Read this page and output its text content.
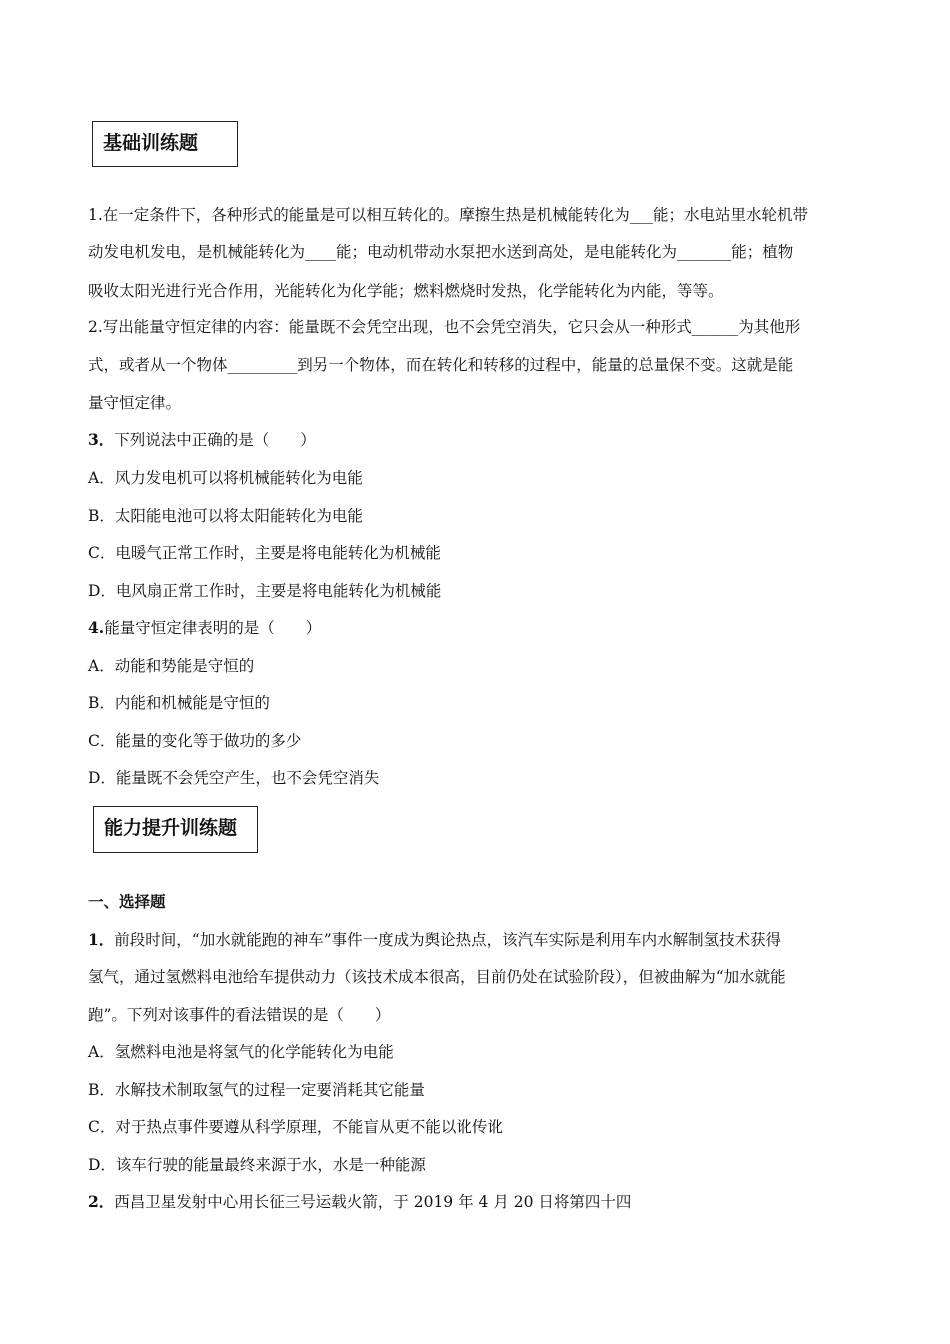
基础训练题
1.在一定条件下，各种形式的能量是可以相互转化的。摩擦生热是机械能转化为___能；水电站里水轮机带
动发电机发电，是机械能转化为____能；电动机带动水泵把水送到高处，是电能转化为_______能；植物
吸收太阳光进行光合作用，光能转化为化学能；燃料燃烧时发热，化学能转化为内能，等等。
2.写出能量守恒定律的内容：能量既不会凭空出现，也不会凭空消失，它只会从一种形式______为其他形
式，或者从一个物体_________到另一个物体，而在转化和转移的过程中，能量的总量保不变。这就是能
量守恒定律。
3．下列说法中正确的是（　　）
A．风力发电机可以将机械能转化为电能
B．太阳能电池可以将太阳能转化为电能
C．电暖气正常工作时，主要是将电能转化为机械能
D．电风扇正常工作时，主要是将电能转化为机械能
4.能量守恒定律表明的是（　　）
A．动能和势能是守恒的
B．内能和机械能是守恒的
C．能量的变化等于做功的多少
D．能量既不会凭空产生，也不会凭空消失
能力提升训练题
一、选择题
1．前段时间，“加水就能跑的神车”事件一度成为舆论热点，该汽车实际是利用车内水解制氢技术获得
氢气，通过氢燃料电池给车提供动力（该技术成本很高，目前仍处在试验阶段），但被曲解为“加水就能
跑”。下列对该事件的看法错误的是（　　）
A．氢燃料电池是将氢气的化学能转化为电能
B．水解技术制取氢气的过程一定要消耗其它能量
C．对于热点事件要遵从科学原理，不能盲从更不能以讹传讹
D．该车行驶的能量最终来源于水，水是一种能源
2．西昌卫星发射中心用长征三号运载火箭，于 2019 年 4 月 20 日将第四十四
